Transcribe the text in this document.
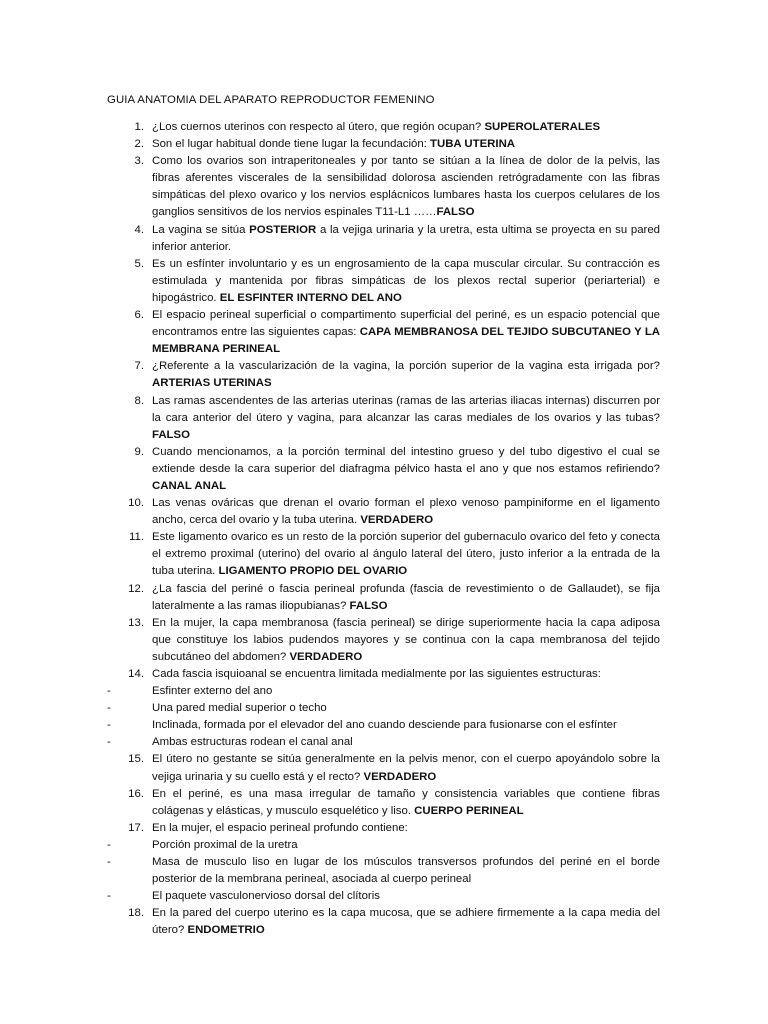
GUIA ANATOMIA DEL APARATO REPRODUCTOR FEMENINO
1. ¿Los cuernos uterinos con respecto al útero, que región ocupan? SUPEROLATERALES
2. Son el lugar habitual donde tiene lugar la fecundación: TUBA UTERINA
3. Como los ovarios son intraperitoneales y por tanto se sitúan a la línea de dolor de la pelvis, las fibras aferentes viscerales de la sensibilidad dolorosa ascienden retrógradamente con las fibras simpáticas del plexo ovarico y los nervios esplácnicos lumbares hasta los cuerpos celulares de los ganglios sensitivos de los nervios espinales T11-L1 ……FALSO
4. La vagina se sitúa POSTERIOR a la vejiga urinaria y la uretra, esta ultima se proyecta en su pared inferior anterior.
5. Es un esfínter involuntario y es un engrosamiento de la capa muscular circular. Su contracción es estimulada y mantenida por fibras simpáticas de los plexos rectal superior (periarterial) e hipogástrico. EL ESFINTER INTERNO DEL ANO
6. El espacio perineal superficial o compartimento superficial del periné, es un espacio potencial que encontramos entre las siguientes capas: CAPA MEMBRANOSA DEL TEJIDO SUBCUTANEO Y LA MEMBRANA PERINEAL
7. ¿Referente a la vascularización de la vagina, la porción superior de la vagina esta irrigada por? ARTERIAS UTERINAS
8. Las ramas ascendentes de las arterias uterinas (ramas de las arterias iliacas internas) discurren por la cara anterior del útero y vagina, para alcanzar las caras mediales de los ovarios y las tubas? FALSO
9. Cuando mencionamos, a la porción terminal del intestino grueso y del tubo digestivo el cual se extiende desde la cara superior del diafragma pélvico hasta el ano y que nos estamos refiriendo? CANAL ANAL
10. Las venas ováricas que drenan el ovario forman el plexo venoso pampiniforme en el ligamento ancho, cerca del ovario y la tuba uterina. VERDADERO
11. Este ligamento ovarico es un resto de la porción superior del gubernaculo ovarico del feto y conecta el extremo proximal (uterino) del ovario al ángulo lateral del útero, justo inferior a la entrada de la tuba uterina. LIGAMENTO PROPIO DEL OVARIO
12. ¿La fascia del periné o fascia perineal profunda (fascia de revestimiento o de Gallaudet), se fija lateralmente a las ramas iliopubianas? FALSO
13. En la mujer, la capa membranosa (fascia perineal) se dirige superiormente hacia la capa adiposa que constituye los labios pudendos mayores y se continua con la capa membranosa del tejido subcutáneo del abdomen? VERDADERO
14. Cada fascia isquioanal se encuentra limitada medialmente por las siguientes estructuras:
-	Esfinter externo del ano
-	Una pared medial superior o techo
-	Inclinada, formada por el elevador del ano cuando desciende para fusionarse con el esfínter
-	Ambas estructuras rodean el canal anal
15. El útero no gestante se sitúa generalmente en la pelvis menor, con el cuerpo apoyándolo sobre la vejiga urinaria y su cuello está y el recto? VERDADERO
16. En el periné, es una masa irregular de tamaño y consistencia variables que contiene fibras colágenas y elásticas, y musculo esquelético y liso. CUERPO PERINEAL
17. En la mujer, el espacio perineal profundo contiene:
-	Porción proximal de la uretra
-	Masa de musculo liso en lugar de los músculos transversos profundos del periné en el borde posterior de la membrana perineal, asociada al cuerpo perineal
-	El paquete vasculonervioso dorsal del clítoris
18. En la pared del cuerpo uterino es la capa mucosa, que se adhiere firmemente a la capa media del útero? ENDOMETRIO
